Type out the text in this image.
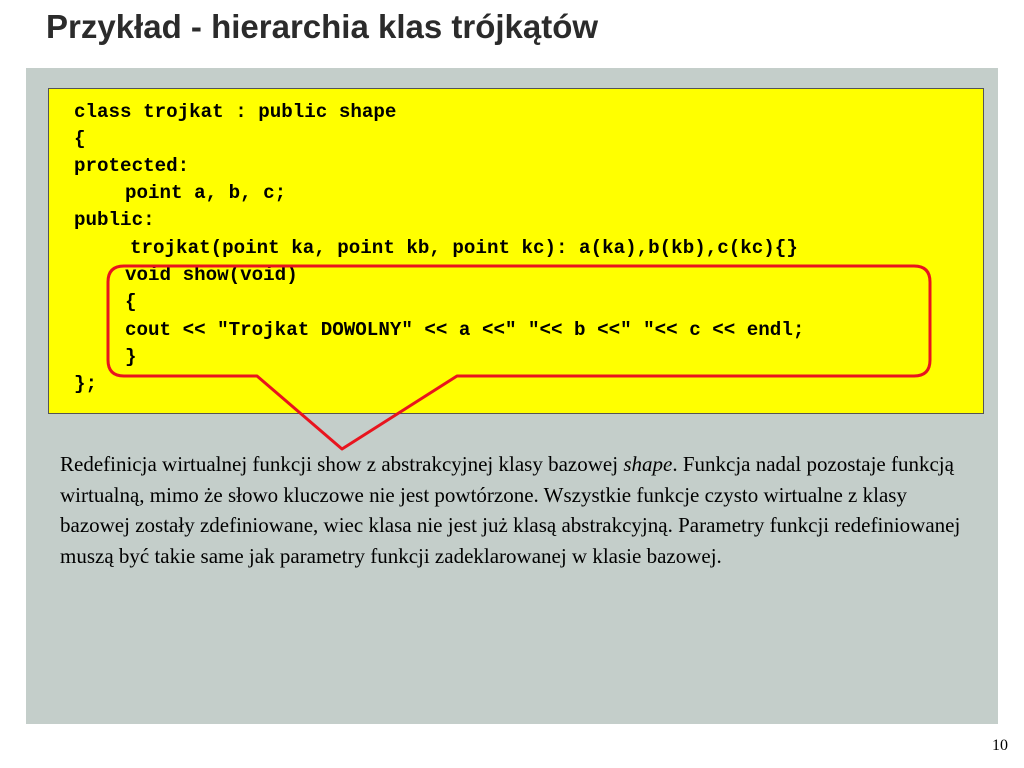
Przykład - hierarchia klas trójkątów
class trojkat : public shape
{
protected:
point a, b, c;
public:
trojkat(point ka, point kb, point kc): a(ka),b(kb),c(kc){}
void show(void)
{
cout << "Trojkat DOWOLNY" << a <<" "<< b <<" "<< c << endl;
}
};
Redefinicja wirtualnej funkcji show z abstrakcyjnej klasy bazowej shape. Funkcja nadal pozostaje funkcją wirtualną, mimo że słowo kluczowe nie jest powtórzone. Wszystkie funkcje czysto wirtualne z klasy bazowej zostały zdefiniowane, wiec klasa nie jest już klasą abstrakcyjną. Parametry funkcji redefiniowanej muszą być takie same jak parametry funkcji zadeklarowanej w klasie bazowej.
10
